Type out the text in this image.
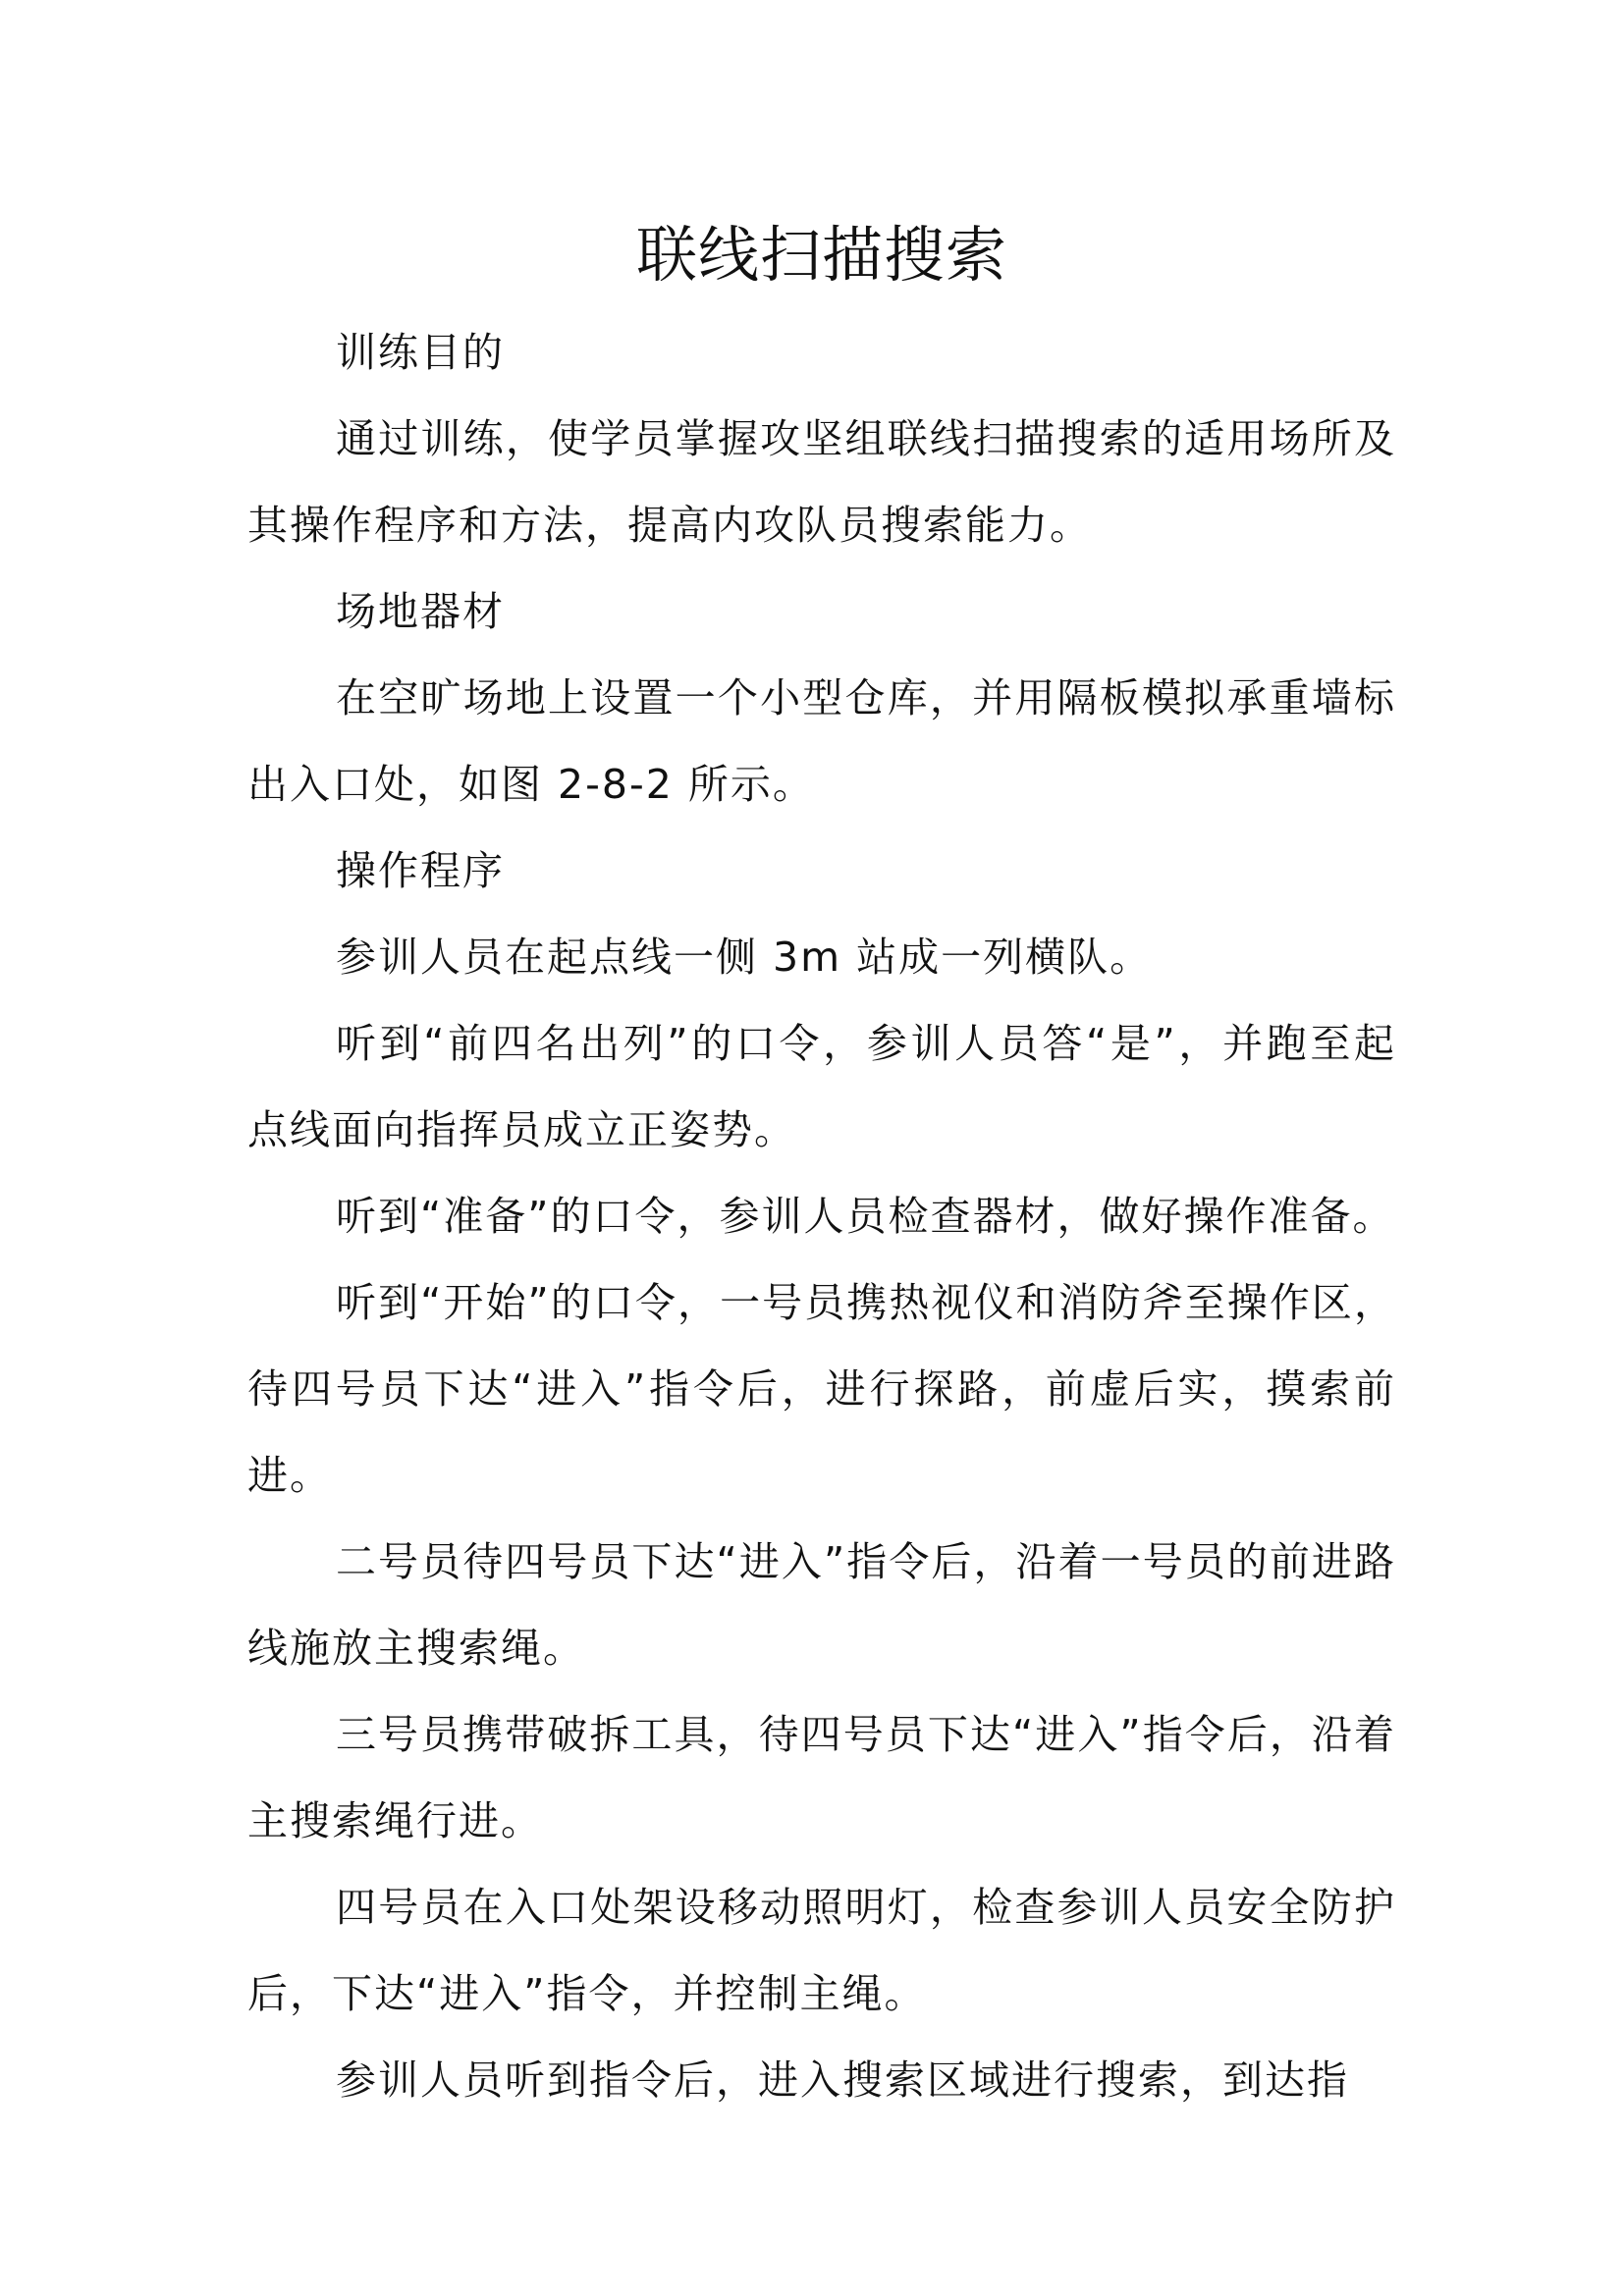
联线扫描搜索

训练目的

通过训练，使学员掌握攻坚组联线扫描搜索的适用场所及其操作程序和方法，提高内攻队员搜索能力。

场地器材

在空旷场地上设置一个小型仓库，并用隔板模拟承重墙标出入口处，如图 2-8-2 所示。

操作程序

参训人员在起点线一侧 3m 站成一列横队。

听到“前四名出列”的口令，参训人员答“是”，并跑至起点线面向指挥员成立正姿势。

听到“准备”的口令，参训人员检查器材，做好操作准备。

听到“开始”的口令，一号员携热视仪和消防斧至操作区，待四号员下达“进入”指令后，进行探路，前虚后实，摸索前进。

二号员待四号员下达“进入”指令后，沿着一号员的前进路线施放主搜索绳。

三号员携带破拆工具，待四号员下达“进入”指令后，沿着主搜索绳行进。

四号员在入口处架设移动照明灯，检查参训人员安全防护后，下达“进入”指令，并控制主绳。

参训人员听到指令后，进入搜索区域进行搜索，到达指
